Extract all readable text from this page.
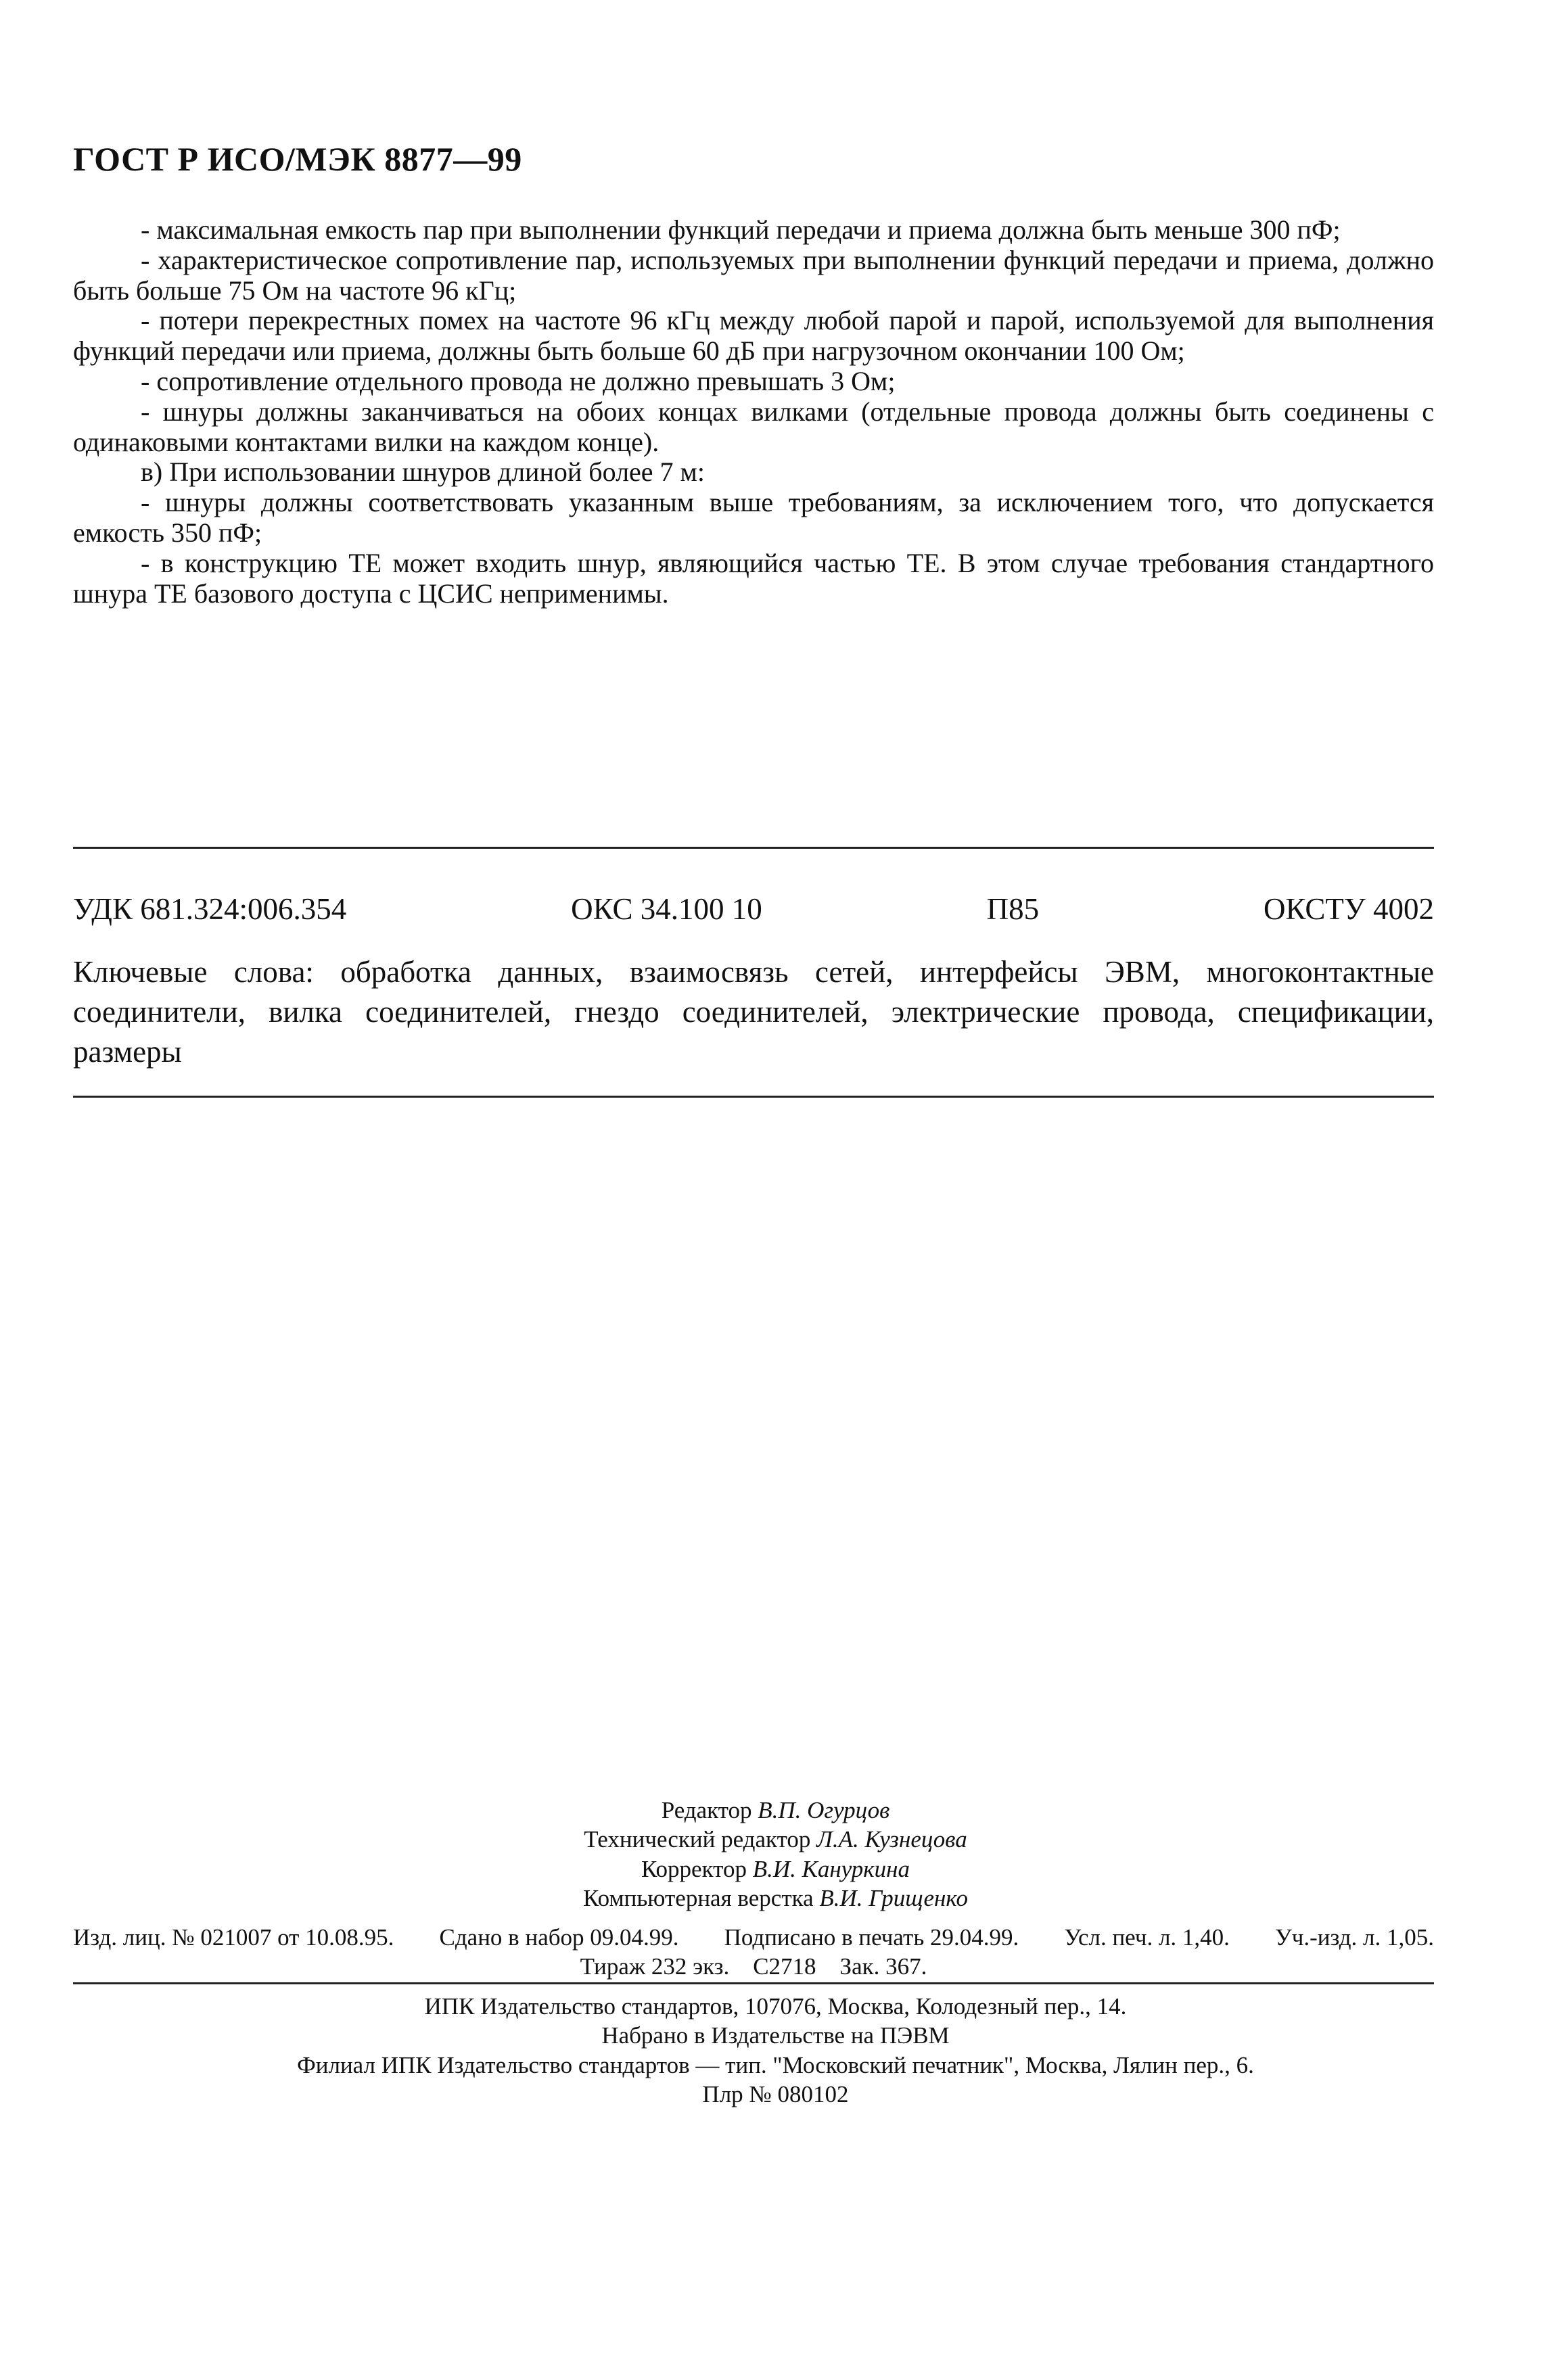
ГОСТ Р ИСО/МЭК 8877—99

- максимальная емкость пар при выполнении функций передачи и приема должна быть меньше 300 пФ;

- характеристическое сопротивление пар, используемых при выполнении функций передачи и приема, должно быть больше 75 Ом на частоте 96 кГц;

- потери перекрестных помех на частоте 96 кГц между любой парой и парой, используемой для выполнения функций передачи или приема, должны быть больше 60 дБ при нагрузочном окончании 100 Ом;

- сопротивление отдельного провода не должно превышать 3 Ом;

- шнуры должны заканчиваться на обоих концах вилками (отдельные провода должны быть соединены с одинаковыми контактами вилки на каждом конце).

в) При использовании шнуров длиной более 7 м:

- шнуры должны соответствовать указанным выше требованиям, за исключением того, что допускается емкость 350 пФ;

- в конструкцию ТЕ может входить шнур, являющийся частью ТЕ. В этом случае требования стандартного шнура ТЕ базового доступа с ЦСИС неприменимы.

УДК 681.324:006.354	ОКС 34.100 10	П85	ОКСТУ 4002
Ключевые слова: обработка данных, взаимосвязь сетей, интерфейсы ЭВМ, многоконтактные соединители, вилка соединителей, гнездо соединителей, электрические провода, спецификации, размеры
Редактор В.П. Огурцов
Технический редактор Л.А. Кузнецова
Корректор В.И. Кануркина
Компьютерная верстка В.И. Грищенко
Изд. лиц. № 021007 от 10.08.95. Сдано в набор 09.04.99. Подписано в печать 29.04.99. Усл. печ. л. 1,40. Уч.-изд. л. 1,05.
Тираж 232 экз.    С2718    Зак. 367.
ИПК Издательство стандартов, 107076, Москва, Колодезный пер., 14.
Набрано в Издательстве на ПЭВМ
Филиал ИПК Издательство стандартов — тип. "Московский печатник", Москва, Лялин пер., 6.
Плр № 080102
